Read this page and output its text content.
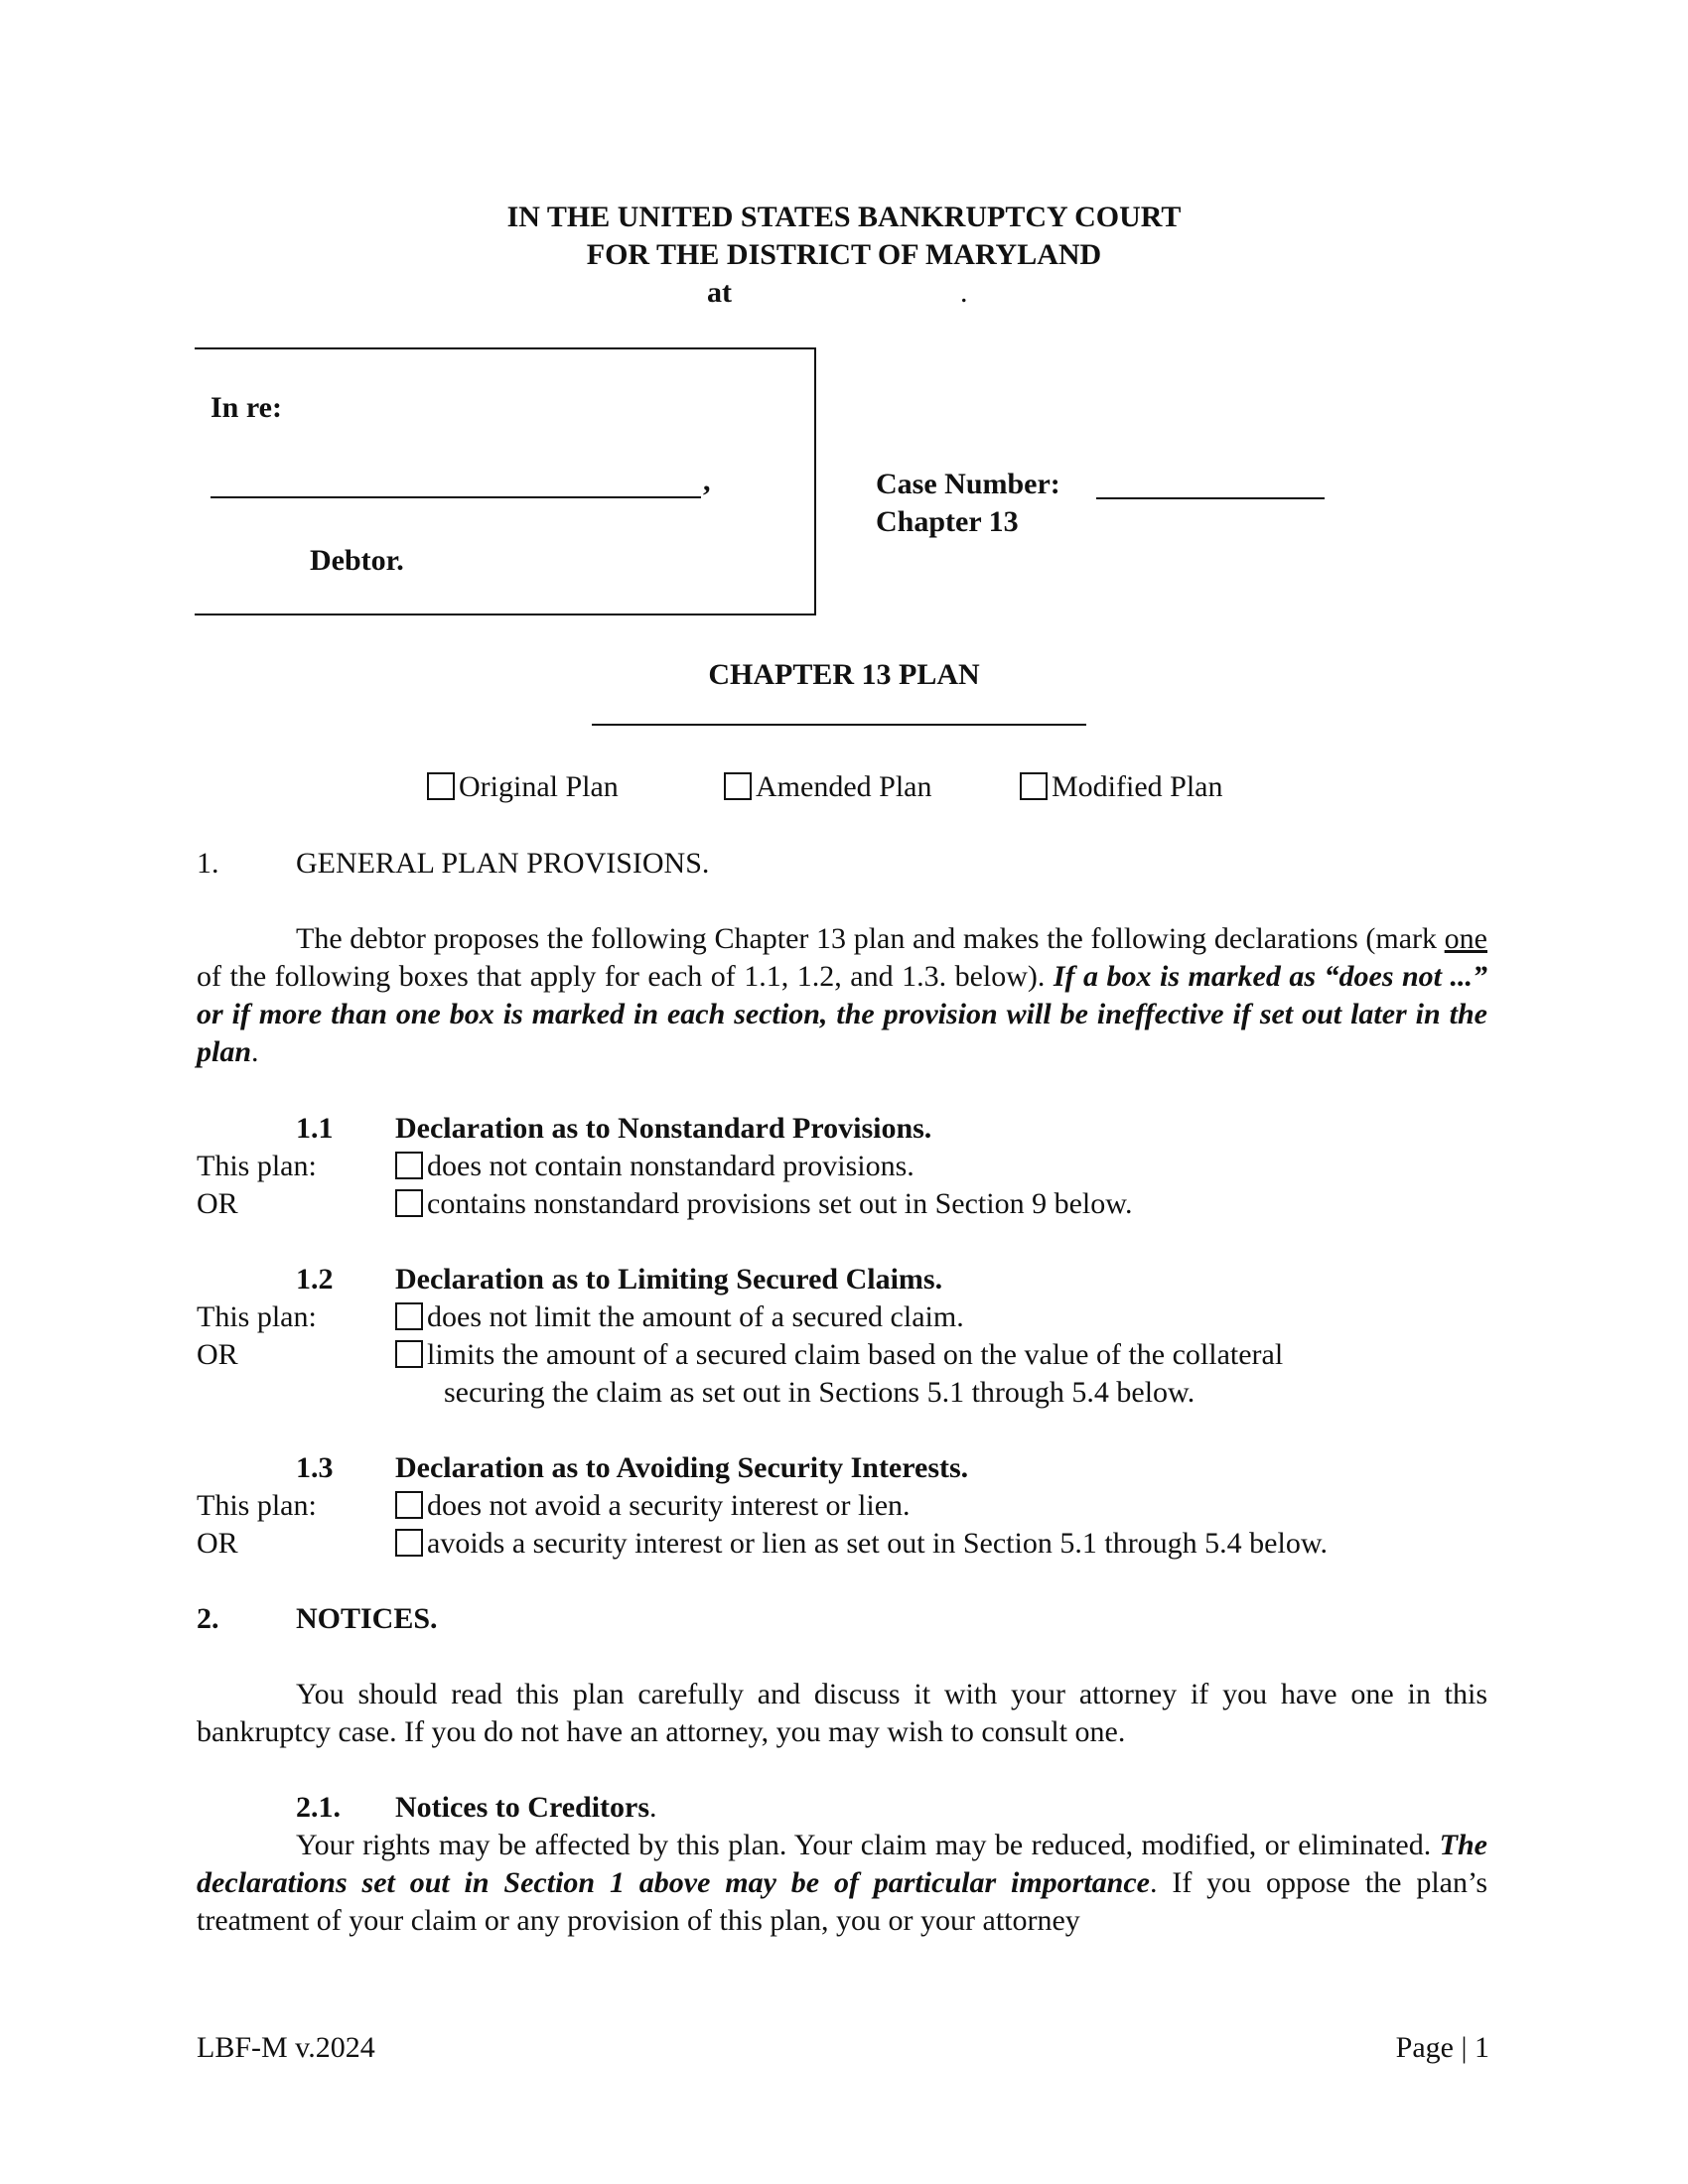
IN THE UNITED STATES BANKRUPTCY COURT
FOR THE DISTRICT OF MARYLAND
at	.
In re:
,
Debtor.
Case Number:
Chapter 13
CHAPTER 13 PLAN
Original Plan	Amended Plan	Modified Plan
1.	GENERAL PLAN PROVISIONS.
The debtor proposes the following Chapter 13 plan and makes the following declarations (mark one of the following boxes that apply for each of 1.1, 1.2, and 1.3. below). If a box is marked as “does not ...” or if more than one box is marked in each section, the provision will be ineffective if set out later in the plan.
1.1 Declaration as to Nonstandard Provisions.
This plan:	does not contain nonstandard provisions.
OR	contains nonstandard provisions set out in Section 9 below.
1.2 Declaration as to Limiting Secured Claims.
This plan:	does not limit the amount of a secured claim.
OR	limits the amount of a secured claim based on the value of the collateral
securing the claim as set out in Sections 5.1 through 5.4 below.
1.3 Declaration as to Avoiding Security Interests.
This plan:	does not avoid a security interest or lien.
OR	avoids a security interest or lien as set out in Section 5.1 through 5.4 below.
2.	NOTICES.
You should read this plan carefully and discuss it with your attorney if you have one in this bankruptcy case. If you do not have an attorney, you may wish to consult one.
2.1. Notices to Creditors.
Your rights may be affected by this plan. Your claim may be reduced, modified, or eliminated. The declarations set out in Section 1 above may be of particular importance. If you oppose the plan’s treatment of your claim or any provision of this plan, you or your attorney
LBF-M v.2024	Page | 1
